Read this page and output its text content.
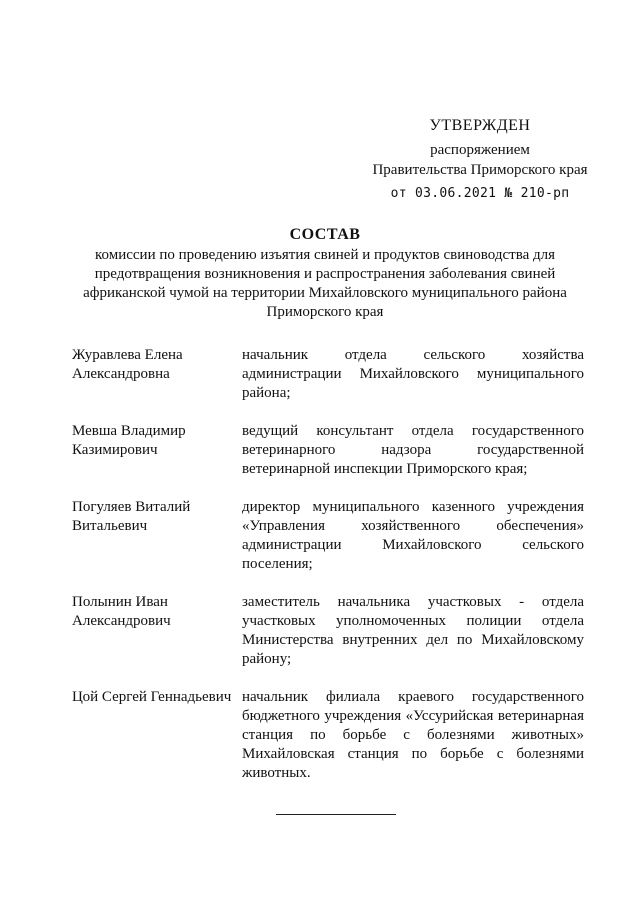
УТВЕРЖДЕН
распоряжением
Правительства Приморского края
от 03.06.2021 № 210-рп
СОСТАВ
комиссии по проведению изъятия свиней и продуктов свиноводства для предотвращения возникновения и распространения заболевания свиней африканской чумой на территории Михайловского муниципального района Приморского края
Журавлева Елена Александровна
начальник отдела сельского хозяйства администрации Михайловского муниципального района;
Мевша Владимир Казимирович
ведущий консультант отдела государственного ветеринарного надзора государственной ветеринарной инспекции Приморского края;
Погуляев Виталий Витальевич
директор муниципального казенного учреждения «Управления хозяйственного обеспечения» администрации Михайловского сельского поселения;
Полынин Иван Александрович
заместитель начальника участковых - отдела участковых уполномоченных полиции отдела Министерства внутренних дел по Михайловскому району;
Цой Сергей Геннадьевич начальник филиала краевого государственного бюджетного учреждения «Уссурийская ветеринарная станция по борьбе с болезнями животных» Михайловская станция по борьбе с болезнями животных.
